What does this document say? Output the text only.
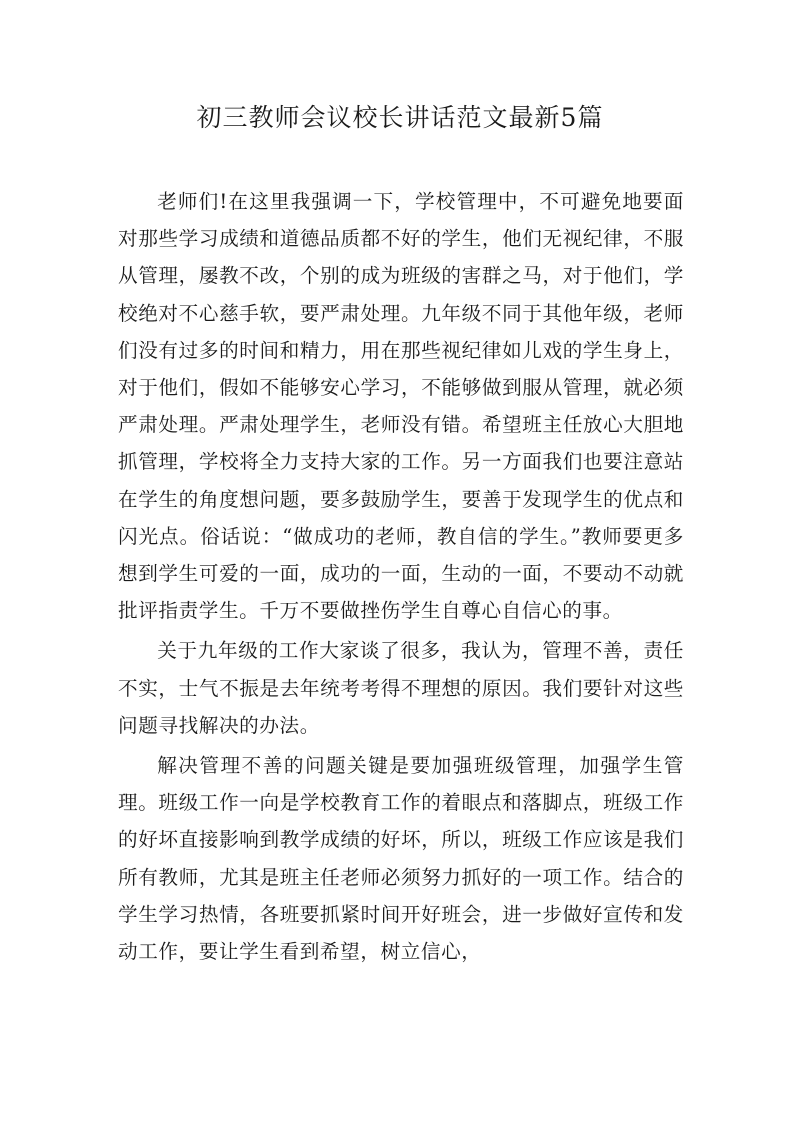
初三教师会议校长讲话范文最新5篇

老师们!在这里我强调一下，学校管理中，不可避免地要面对那些学习成绩和道德品质都不好的学生，他们无视纪律，不服从管理，屡教不改，个别的成为班级的害群之马，对于他们，学校绝对不心慈手软，要严肃处理。九年级不同于其他年级，老师们没有过多的时间和精力，用在那些视纪律如儿戏的学生身上，对于他们，假如不能够安心学习，不能够做到服从管理，就必须严肃处理。严肃处理学生，老师没有错。希望班主任放心大胆地抓管理，学校将全力支持大家的工作。另一方面我们也要注意站在学生的角度想问题，要多鼓励学生，要善于发现学生的优点和闪光点。俗话说：“做成功的老师，教自信的学生。”教师要更多想到学生可爱的一面，成功的一面，生动的一面，不要动不动就批评指责学生。千万不要做挫伤学生自尊心自信心的事。

关于九年级的工作大家谈了很多，我认为，管理不善，责任不实，士气不振是去年统考考得不理想的原因。我们要针对这些问题寻找解决的办法。

解决管理不善的问题关键是要加强班级管理，加强学生管理。班级工作一向是学校教育工作的着眼点和落脚点，班级工作的好坏直接影响到教学成绩的好坏，所以，班级工作应该是我们所有教师，尤其是班主任老师必须努力抓好的一项工作。结合的学生学习热情，各班要抓紧时间开好班会，进一步做好宣传和发动工作，要让学生看到希望，树立信心，
